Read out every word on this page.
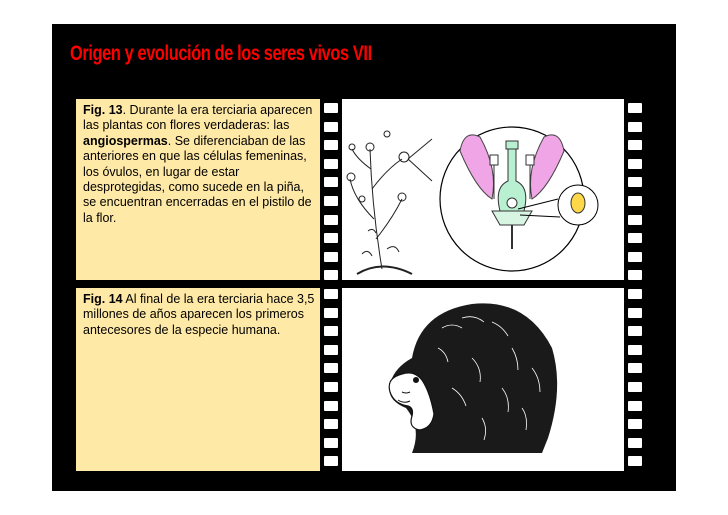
Origen y evolución de los seres vivos VII
Fig. 13. Durante la era terciaria aparecen las plantas con flores verdaderas: las angiospermas. Se diferenciaban de las anteriores en que las células femeninas, los óvulos, en lugar de estar desprotegidas, como sucede en la piña, se encuentran encerradas en el pistilo de la flor.
Fig. 14 Al final de la era terciaria hace 3,5 millones de años aparecen los primeros antecesores de la especie humana.
